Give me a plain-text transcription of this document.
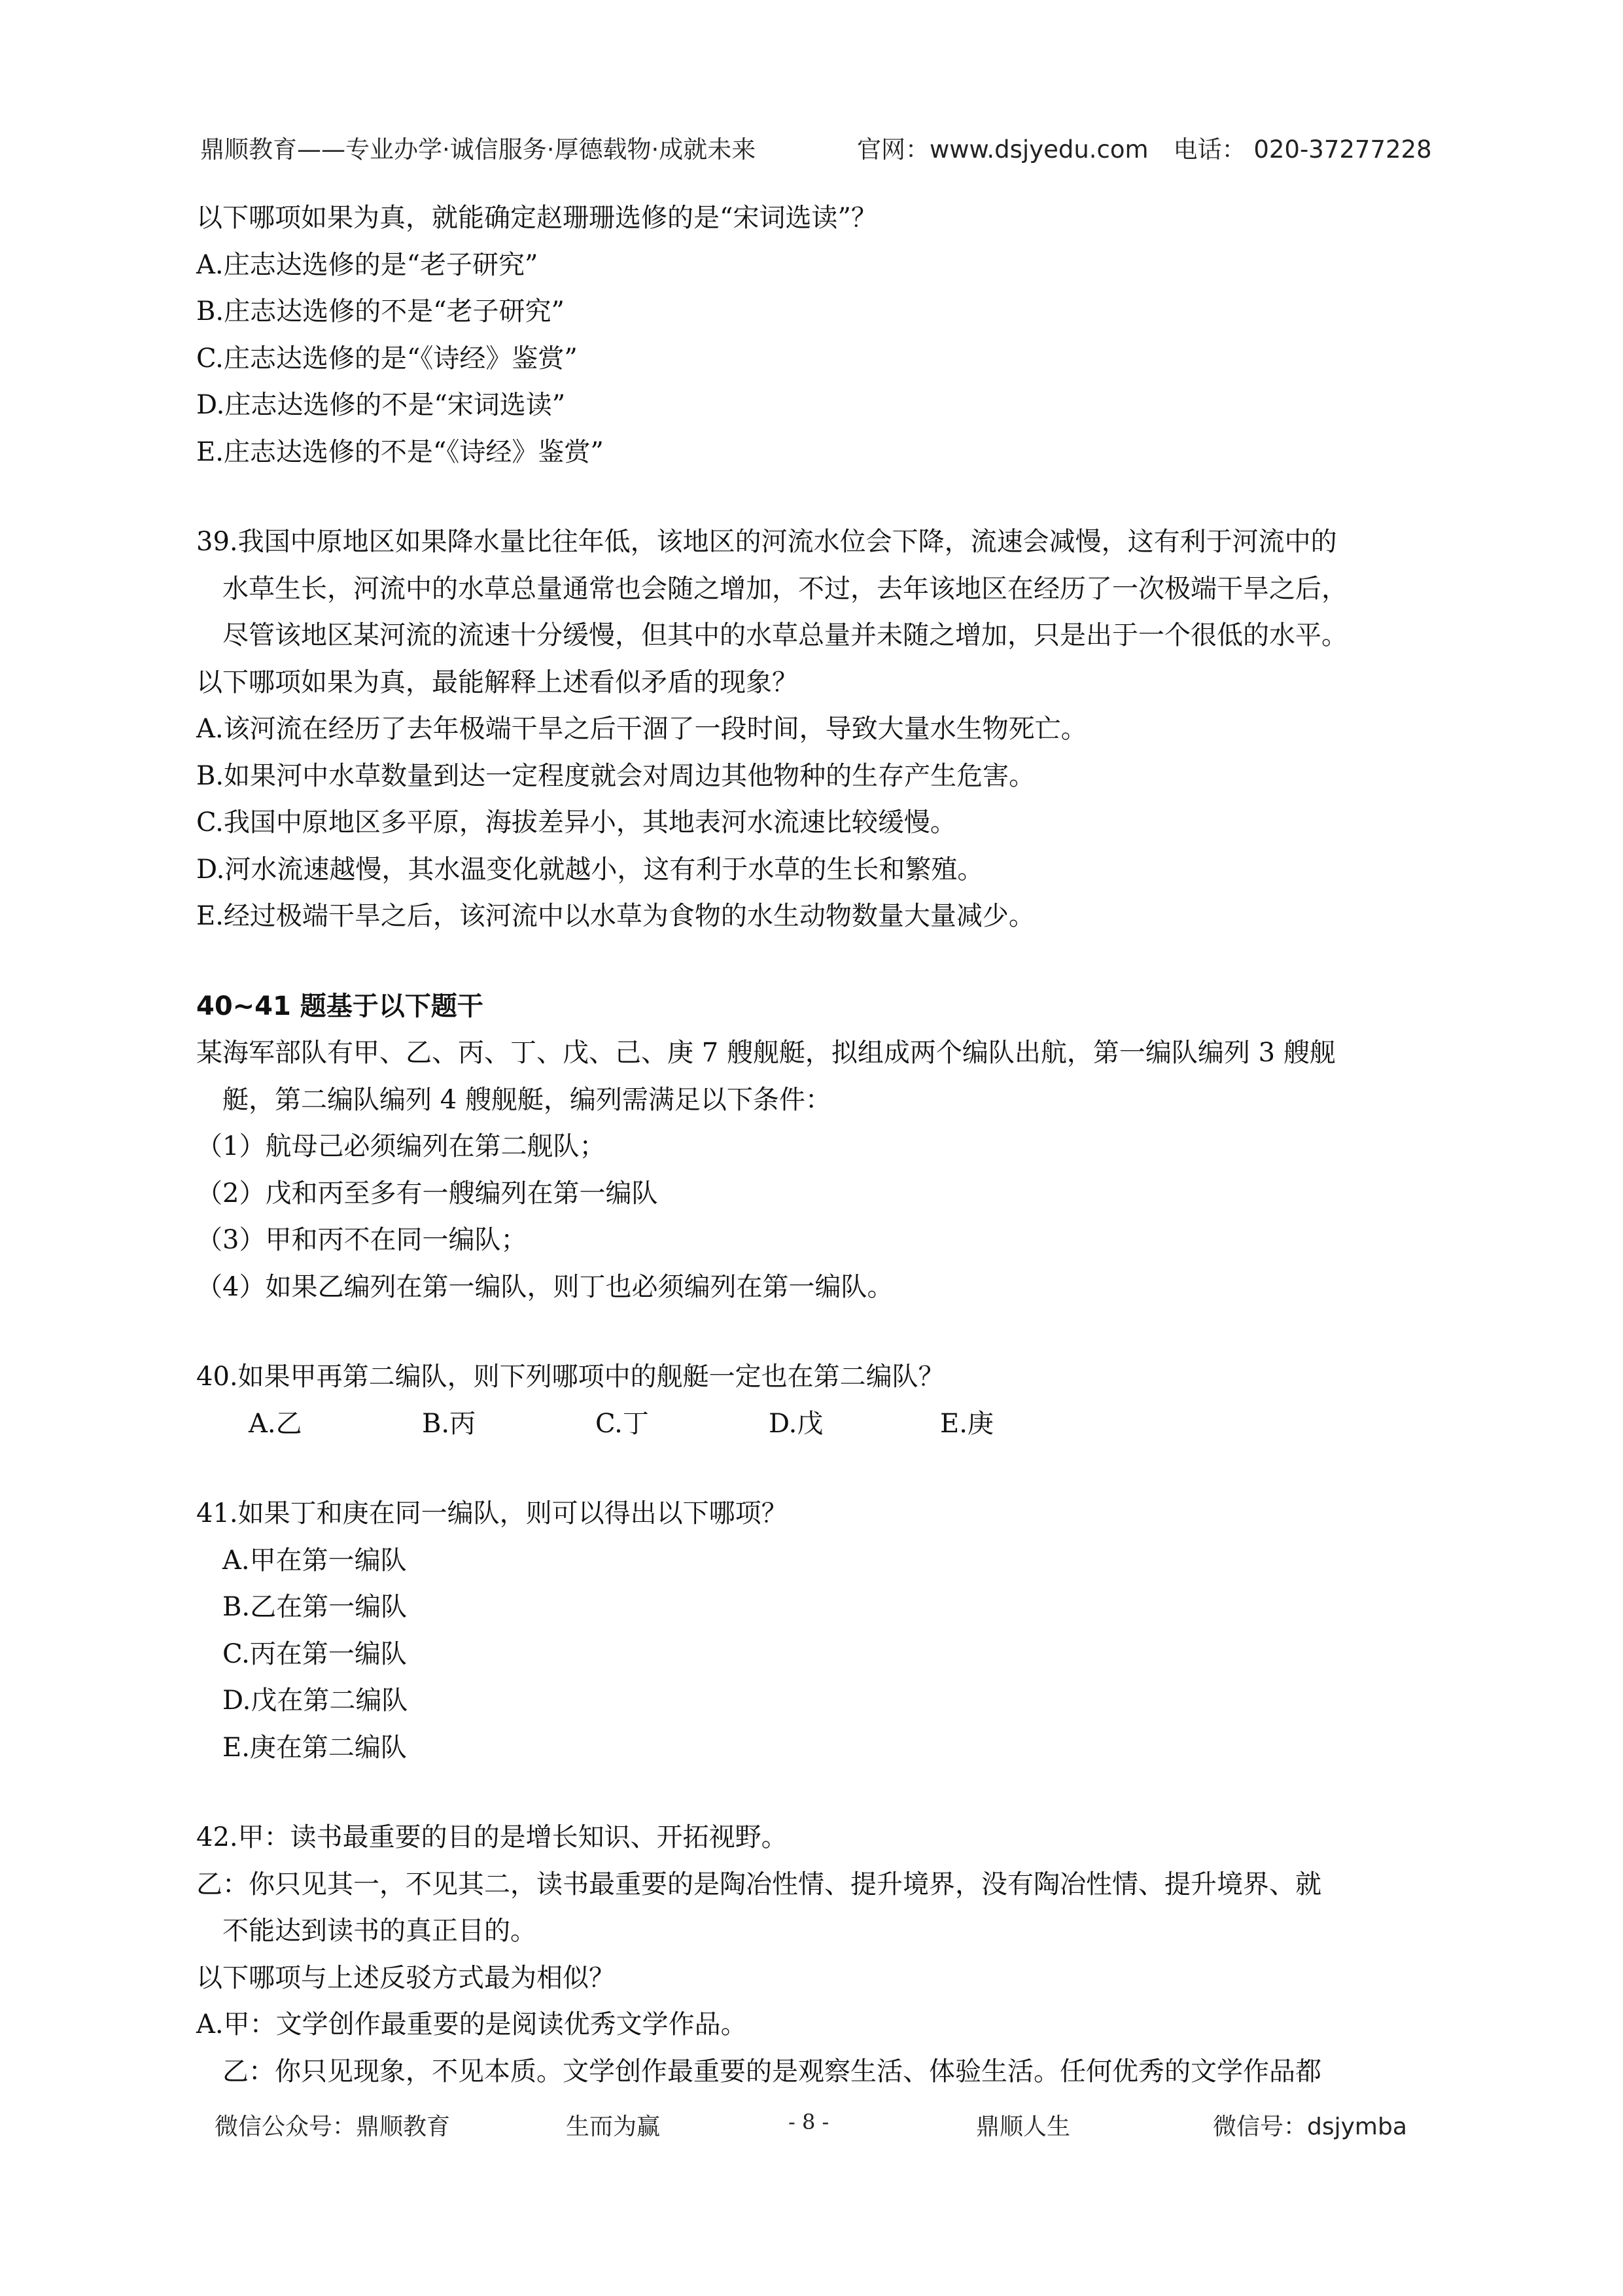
鼎顺教育——专业办学·诚信服务·厚德载物·成就未来	官网：www.dsjyedu.com 电话： 020-37277228
以下哪项如果为真，就能确定赵珊珊选修的是“宋词选读”？
A.庄志达选修的是“老子研究”
B.庄志达选修的不是“老子研究”
C.庄志达选修的是“《诗经》鉴赏”
D.庄志达选修的不是“宋词选读”
E.庄志达选修的不是“《诗经》鉴赏”
39.我国中原地区如果降水量比往年低，该地区的河流水位会下降，流速会减慢，这有利于河流中的
水草生长，河流中的水草总量通常也会随之增加，不过，去年该地区在经历了一次极端干旱之后，
尽管该地区某河流的流速十分缓慢，但其中的水草总量并未随之增加，只是出于一个很低的水平。
以下哪项如果为真，最能解释上述看似矛盾的现象？
A.该河流在经历了去年极端干旱之后干涸了一段时间，导致大量水生物死亡。
B.如果河中水草数量到达一定程度就会对周边其他物种的生存产生危害。
C.我国中原地区多平原，海拔差异小，其地表河水流速比较缓慢。
D.河水流速越慢，其水温变化就越小，这有利于水草的生长和繁殖。
E.经过极端干旱之后，该河流中以水草为食物的水生动物数量大量减少。
40~41 题基于以下题干
某海军部队有甲、乙、丙、丁、戊、己、庚 7 艘舰艇，拟组成两个编队出航，第一编队编列 3 艘舰
艇，第二编队编列 4 艘舰艇，编列需满足以下条件：
（1）航母己必须编列在第二舰队；
（2）戊和丙至多有一艘编列在第一编队
（3）甲和丙不在同一编队；
（4）如果乙编列在第一编队，则丁也必须编列在第一编队。
40.如果甲再第二编队，则下列哪项中的舰艇一定也在第二编队？
A.乙	B.丙	C.丁	D.戊	E.庚
41.如果丁和庚在同一编队，则可以得出以下哪项？
A.甲在第一编队
B.乙在第一编队
C.丙在第一编队
D.戊在第二编队
E.庚在第二编队
42.甲：读书最重要的目的是增长知识、开拓视野。
乙：你只见其一，不见其二，读书最重要的是陶冶性情、提升境界，没有陶冶性情、提升境界、就
不能达到读书的真正目的。
以下哪项与上述反驳方式最为相似？
A.甲：文学创作最重要的是阅读优秀文学作品。
乙：你只见现象，不见本质。文学创作最重要的是观察生活、体验生活。任何优秀的文学作品都
微信公众号：鼎顺教育	生而为赢	- 8 -	鼎顺人生	微信号：dsjymba
